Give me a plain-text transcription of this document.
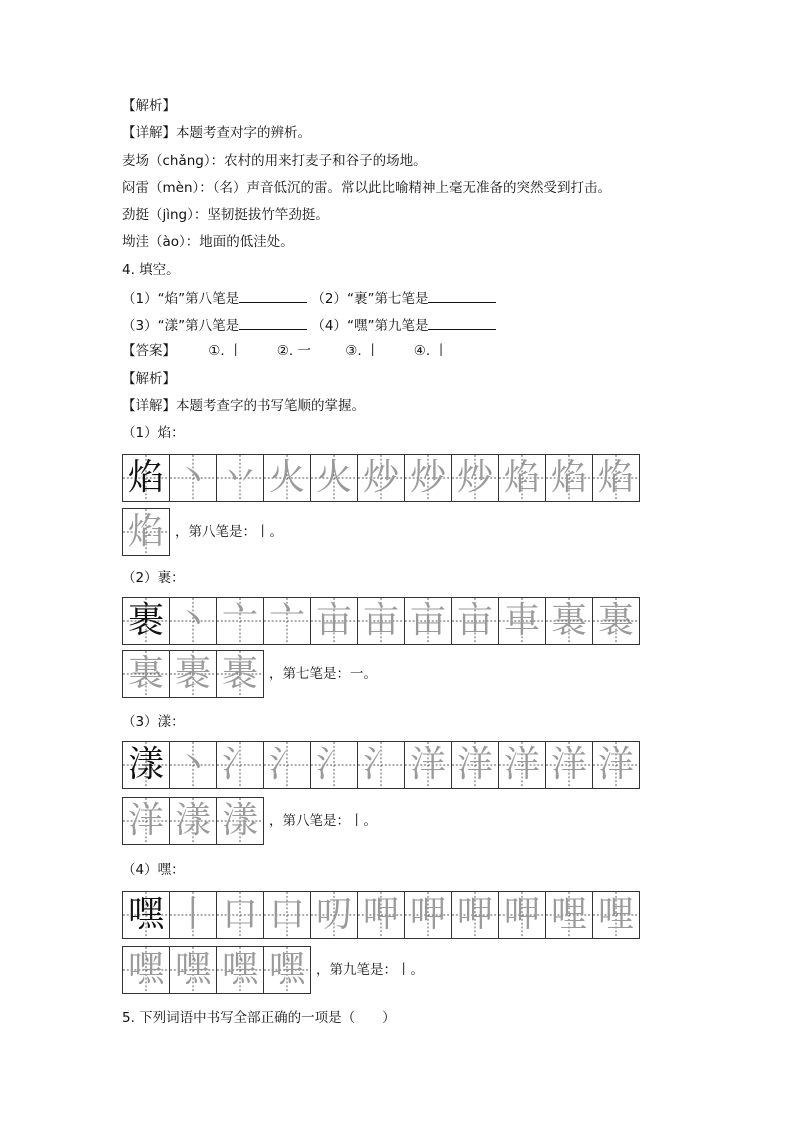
【解析】
【详解】本题考查对字的辨析。
麦场（chǎng）：农村的用来打麦子和谷子的场地。
闷雷（mèn）：（名）声音低沉的雷。常以此比喻精神上毫无准备的突然受到打击。
劲挺（jìng）：坚韧挺拔竹竿劲挺。
坳洼（ào）：地面的低洼处。
4. 填空。
（1）“焰”第八笔是	（2）“裹”第七笔是
（3）“漾”第八笔是	（4）“嘿”第九笔是
【答案】 ①. 丨	②. 一	③. 丨	④. 丨
【解析】
【详解】本题考查字的书写笔顺的掌握。
（1）焰：
焰 丶 丷 火 火 炒 炒 炒 焰 焰 焰
焰 ，第八笔是：丨。
（2）裹：
裹 丶 亠 亠 亩 亩 亩 亩 車 裏 裏
裏 裹 裹 ，第七笔是：一。
（3）漾：
漾 丶 氵 氵 氵 氵 洋 洋 洋 洋 洋
洋 漾 漾 ，第八笔是：丨。
（4）嘿：
嘿 丨 口 口 叨 呷 呷 呷 呷 哩 哩
嘿 嘿 嘿 嘿 ，第九笔是：丨。
5. 下列词语中书写全部正确的一项是（　　）
